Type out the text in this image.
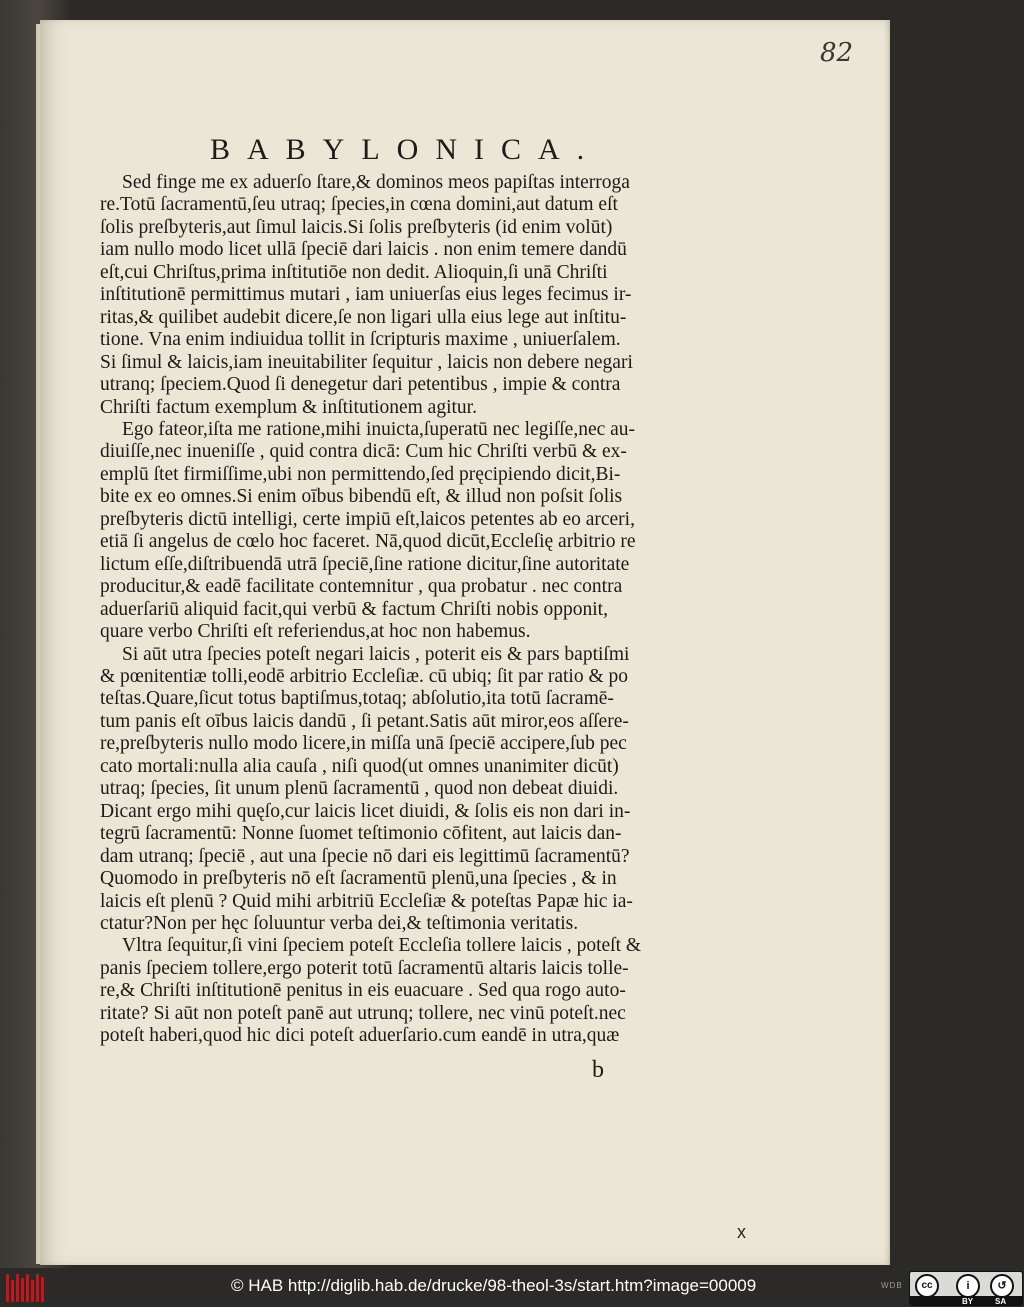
82
BABYLONICA.
Sed finge me ex aduerſo ſtare,& dominos meos papiſtas interroga
re.Totū ſacramentū,ſeu utraq; ſpecies,in cœna domini,aut datum eſt
ſolis preſbyteris,aut ſimul laicis.Si ſolis preſbyteris (id enim volūt)
iam nullo modo licet ullā ſpeciē dari laicis . non enim temere dandū
eſt,cui Chriſtus,prima inſtitutiōe non dedit. Alioquin,ſi unā Chriſti
inſtitutionē permittimus mutari , iam uniuerſas eius leges fecimus ir-
ritas,& quilibet audebit dicere,ſe non ligari ulla eius lege aut inſtitu-
tione. Vna enim indiuidua tollit in ſcripturis maxime , uniuerſalem.
Si ſimul & laicis,iam ineuitabiliter ſequitur , laicis non debere negari
utranq; ſpeciem.Quod ſi denegetur dari petentibus , impie & contra
Chriſti factum exemplum & inſtitutionem agitur.
Ego fateor,iſta me ratione,mihi inuicta,ſuperatū nec legiſſe,nec au-
diuiſſe,nec inueniſſe , quid contra dicā: Cum hic Chriſti verbū & ex-
emplū ſtet firmiſſime,ubi non permittendo,ſed pręcipiendo dicit,Bi-
bite ex eo omnes.Si enim oībus bibendū eſt, & illud non poſsit ſolis
preſbyteris dictū intelligi, certe impiū eſt,laicos petentes ab eo arceri,
etiā ſi angelus de cœlo hoc faceret. Nā,quod dicūt,Eccleſię arbitrio re
lictum eſſe,diſtribuendā utrā ſpeciē,ſine ratione dicitur,ſine autoritate
producitur,& eadē facilitate contemnitur , qua probatur . nec contra
aduerſariū aliquid facit,qui verbū & factum Chriſti nobis opponit,
quare verbo Chriſti eſt referiendus,at hoc non habemus.
Si aūt utra ſpecies poteſt negari laicis , poterit eis & pars baptiſmi
& pœnitentiæ tolli,eodē arbitrio Eccleſiæ. cū ubiq; ſit par ratio & po
teſtas.Quare,ſicut totus baptiſmus,totaq; abſolutio,ita totū ſacramē-
tum panis eſt oībus laicis dandū , ſi petant.Satis aūt miror,eos aſſere-
re,preſbyteris nullo modo licere,in miſſa unā ſpeciē accipere,ſub pec
cato mortali:nulla alia cauſa , niſi quod(ut omnes unanimiter dicūt)
utraq; ſpecies, ſit unum plenū ſacramentū , quod non debeat diuidi.
Dicant ergo mihi quęſo,cur laicis licet diuidi, & ſolis eis non dari in-
tegrū ſacramentū: Nonne ſuomet teſtimonio cōfitent, aut laicis dan-
dam utranq; ſpeciē , aut una ſpecie nō dari eis legittimū ſacramentū?
Quomodo in preſbyteris nō eſt ſacramentū plenū,una ſpecies , & in
laicis eſt plenū ? Quid mihi arbitriū Eccleſiæ & poteſtas Papæ hic ia-
ctatur?Non per hęc ſoluuntur verba dei,& teſtimonia veritatis.
Vltra ſequitur,ſi vini ſpeciem poteſt Eccleſia tollere laicis , poteſt &
panis ſpeciem tollere,ergo poterit totū ſacramentū altaris laicis tolle-
re,& Chriſti inſtitutionē penitus in eis euacuare . Sed qua rogo auto-
ritate? Si aūt non poteſt panē aut utrunq; tollere, nec vinū poteſt.nec
poteſt haberi,quod hic dici poteſt aduerſario.cum eandē in utra,quæ
b
x
© HAB http://diglib.hab.de/drucke/98-theol-3s/start.htm?image=00009	WDB	cc	i	↺
BY	SA
